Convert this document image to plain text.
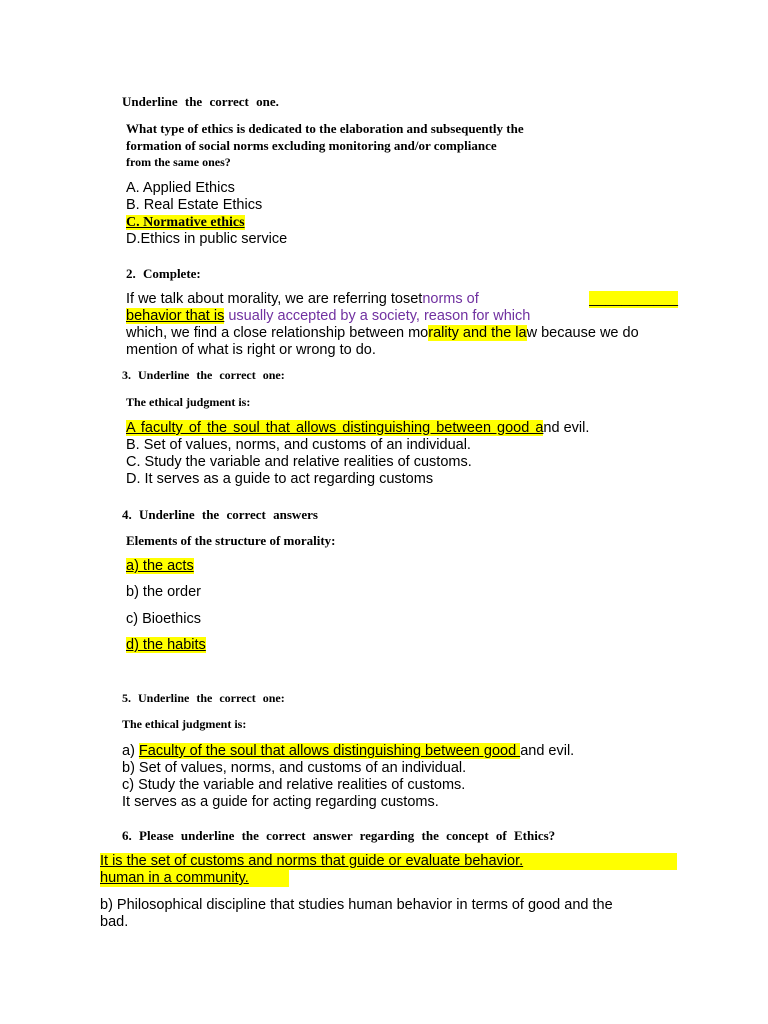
Underline the correct one.
What type of ethics is dedicated to the elaboration and subsequently the
formation of social norms excluding monitoring and/or compliance
from the same ones?
A. Applied Ethics
B. Real Estate Ethics
C. Normative ethics
D.Ethics in public service
2. Complete:
If we talk about morality, we are referring tosetnorms of	___________
behavior that is usually accepted by a society, reason for which
which, we find a close relationship between morality and the law because we do
mention of what is right or wrong to do.
3. Underline the correct one:
The ethical judgment is:
A faculty of the soul that allows distinguishing between good and evil.
B. Set of values, norms, and customs of an individual.
C. Study the variable and relative realities of customs.
D. It serves as a guide to act regarding customs
4. Underline the correct answers
Elements of the structure of morality:
a) the acts
b) the order
c) Bioethics
d) the habits
5. Underline the correct one:
The ethical judgment is:
a) Faculty of the soul that allows distinguishing between good and evil.
b) Set of values, norms, and customs of an individual.
c) Study the variable and relative realities of customs.
It serves as a guide for acting regarding customs.
6. Please underline the correct answer regarding the concept of Ethics?
It is the set of customs and norms that guide or evaluate behavior.
human in a community.
b) Philosophical discipline that studies human behavior in terms of good and the
bad.
